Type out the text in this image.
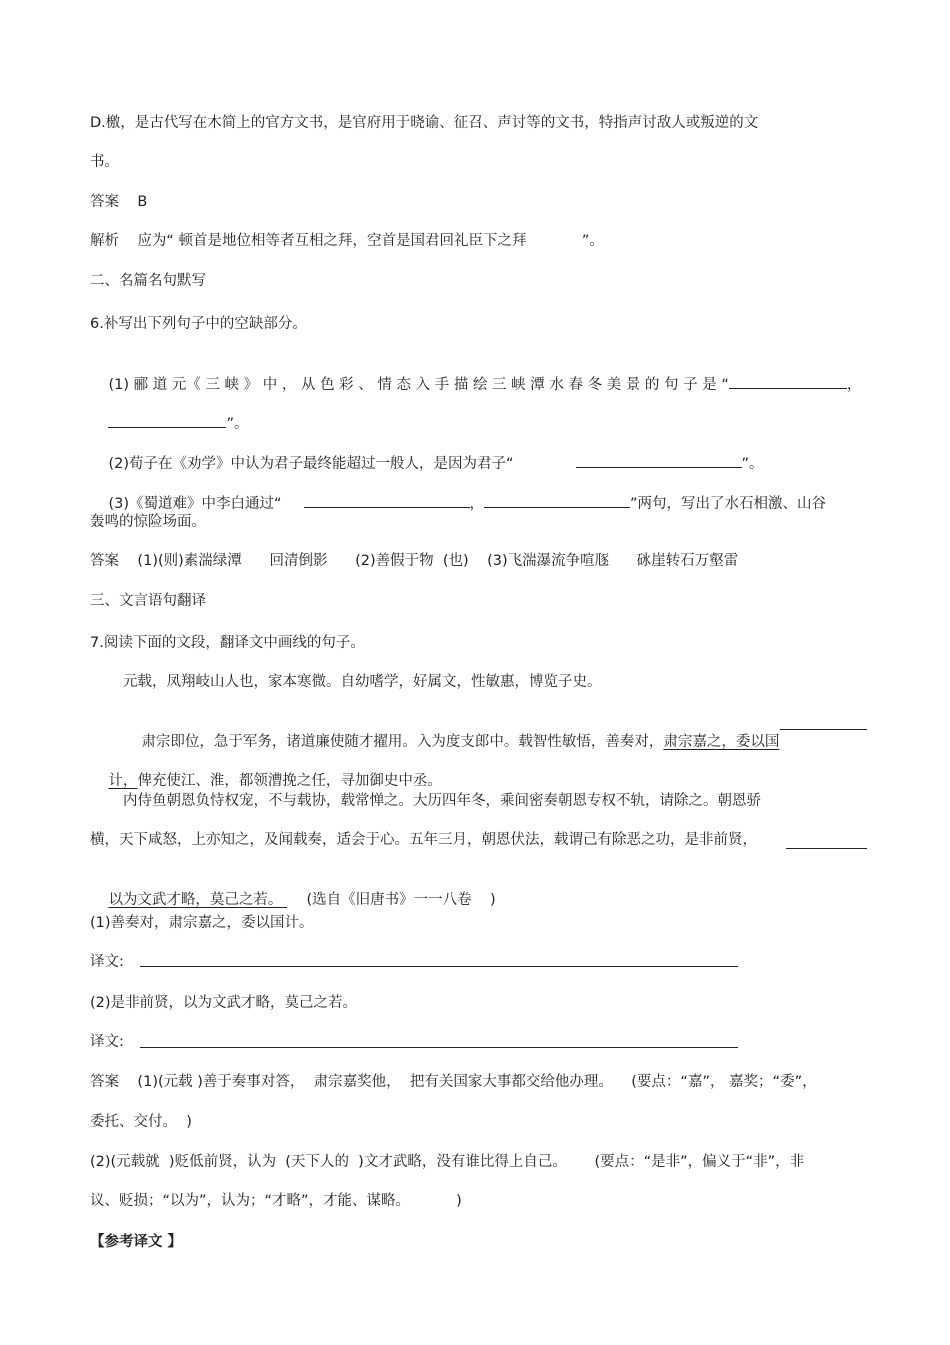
D.檄，是古代写在木简上的官方文书，是官府用于晓谕、征召、声讨等的文书，特指声讨敌人或叛逆的文
书。
答案    B
解析    应为“ 顿首是地位相等者互相之拜，空首是国君回礼臣下之拜            ”。
二、名篇名句默写
6.补写出下列句子中的空缺部分。

(1) 郦 道 元《 三 峡 》 中 ， 从 色 彩 、 情 态 入 手 描 绘 三 峡 潭 水 春 冬 美 景 的 句 子 是 “	，

”。

(2)荀子在《劝学》中认为君子最终能超过一般人，是因为君子“	”。

(3)《蜀道难》中李白通过“	，	”两句，写出了水石相激、山谷

轰鸣的惊险场面。
答案    (1)(则)素湍绿潭      回清倒影      (2)善假于物  (也)    (3)飞湍瀑流争喧豗      砯崖转石万壑雷
三、文言语句翻译
7.阅读下面的文段，翻译文中画线的句子。
元载，凤翔岐山人也，家本寒微。自幼嗜学，好属文，性敏惠，博览子史。

肃宗即位，急于军务，诸道廉使随才擢用。入为度支郎中。载智性敏悟，善奏对，肃宗嘉之，委以国

计，俾充使江、淮，都领漕挽之任，寻加御史中丞。

内侍鱼朝恩负恃权宠，不与载协，载常惮之。大历四年冬，乘间密奏朝恩专权不轨，请除之。朝恩骄
横，天下咸怒，上亦知之，及闻载奏，适会于心。五年三月，朝恩伏法，载谓己有除恶之功，是非前贤，

以为文武才略，莫己之若。 (选自《旧唐书》一一八卷    )

(1)善奏对，肃宗嘉之，委以国计。
译文:
(2)是非前贤，以为文武才略，莫己之若。
译文:
答案    (1)(元载 )善于奏事对答，  肃宗嘉奖他，  把有关国家大事都交给他办理。    (要点：“嘉”， 嘉奖；“委”，
委托、交付。  )
(2)(元载就  )贬低前贤，认为  (天下人的  )文才武略，没有谁比得上自己。      (要点：“是非”，偏义于“非”，非
议、贬损；“以为”，认为；“才略”，才能、谋略。          )
【参考译文 】
